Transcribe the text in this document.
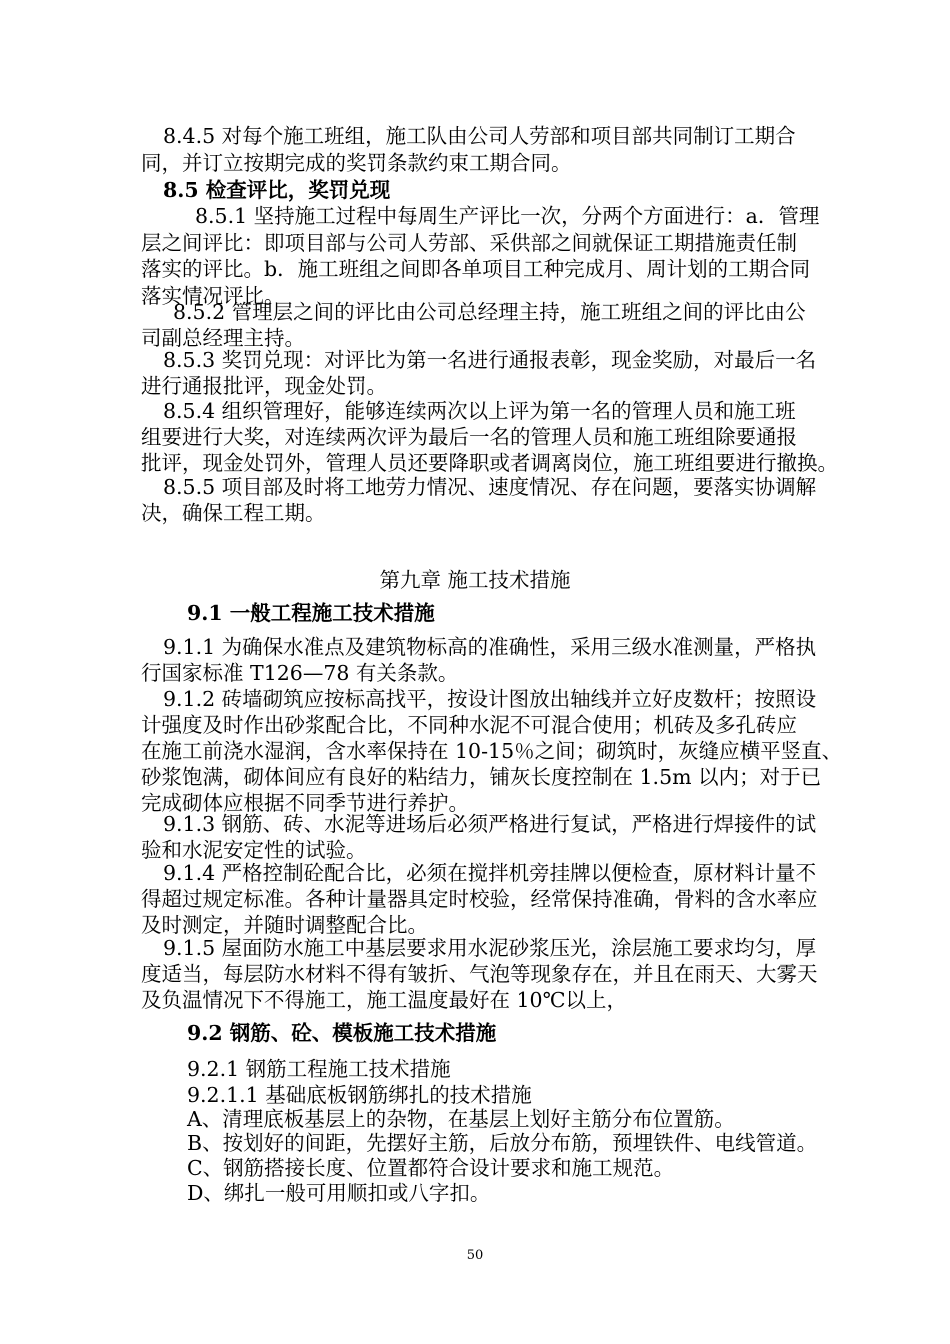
8.4.5 对每个施工班组，施工队由公司人劳部和项目部共同制订工期合
同，并订立按期完成的奖罚条款约束工期合同。
8.5 检查评比，奖罚兑现
8.5.1 坚持施工过程中每周生产评比一次，分两个方面进行：a．管理
层之间评比：即项目部与公司人劳部、采供部之间就保证工期措施责任制
落实的评比。b．施工班组之间即各单项目工种完成月、周计划的工期合同
落实情况评比。
8.5.2 管理层之间的评比由公司总经理主持，施工班组之间的评比由公
司副总经理主持。
8.5.3 奖罚兑现：对评比为第一名进行通报表彰，现金奖励，对最后一名
进行通报批评，现金处罚。
8.5.4 组织管理好，能够连续两次以上评为第一名的管理人员和施工班
组要进行大奖，对连续两次评为最后一名的管理人员和施工班组除要通报
批评，现金处罚外，管理人员还要降职或者调离岗位，施工班组要进行撤换。
8.5.5 项目部及时将工地劳力情况、速度情况、存在问题，要落实协调解
决，确保工程工期。
第九章 施工技术措施
9.1 一般工程施工技术措施
9.1.1 为确保水准点及建筑物标高的准确性，采用三级水准测量，严格执
行国家标准 T126—78 有关条款。
9.1.2 砖墙砌筑应按标高找平，按设计图放出轴线并立好皮数杆；按照设
计强度及时作出砂浆配合比，不同种水泥不可混合使用；机砖及多孔砖应
在施工前浇水湿润，含水率保持在 10-15％之间；砌筑时，灰缝应横平竖直、
砂浆饱满，砌体间应有良好的粘结力，铺灰长度控制在 1.5m 以内；对于已
完成砌体应根据不同季节进行养护。
9.1.3 钢筋、砖、水泥等进场后必须严格进行复试，严格进行焊接件的试
验和水泥安定性的试验。
9.1.4 严格控制砼配合比，必须在搅拌机旁挂牌以便检查，原材料计量不
得超过规定标准。各种计量器具定时校验，经常保持准确，骨料的含水率应
及时测定，并随时调整配合比。
9.1.5 屋面防水施工中基层要求用水泥砂浆压光，涂层施工要求均匀，厚
度适当，每层防水材料不得有皱折、气泡等现象存在，并且在雨天、大雾天
及负温情况下不得施工，施工温度最好在 10℃以上，
9.2 钢筋、砼、模板施工技术措施
9.2.1 钢筋工程施工技术措施
9.2.1.1 基础底板钢筋绑扎的技术措施
A、清理底板基层上的杂物，在基层上划好主筋分布位置筋。
B、按划好的间距，先摆好主筋，后放分布筋，预埋铁件、电线管道。
C、钢筋搭接长度、位置都符合设计要求和施工规范。
D、绑扎一般可用顺扣或八字扣。
50
